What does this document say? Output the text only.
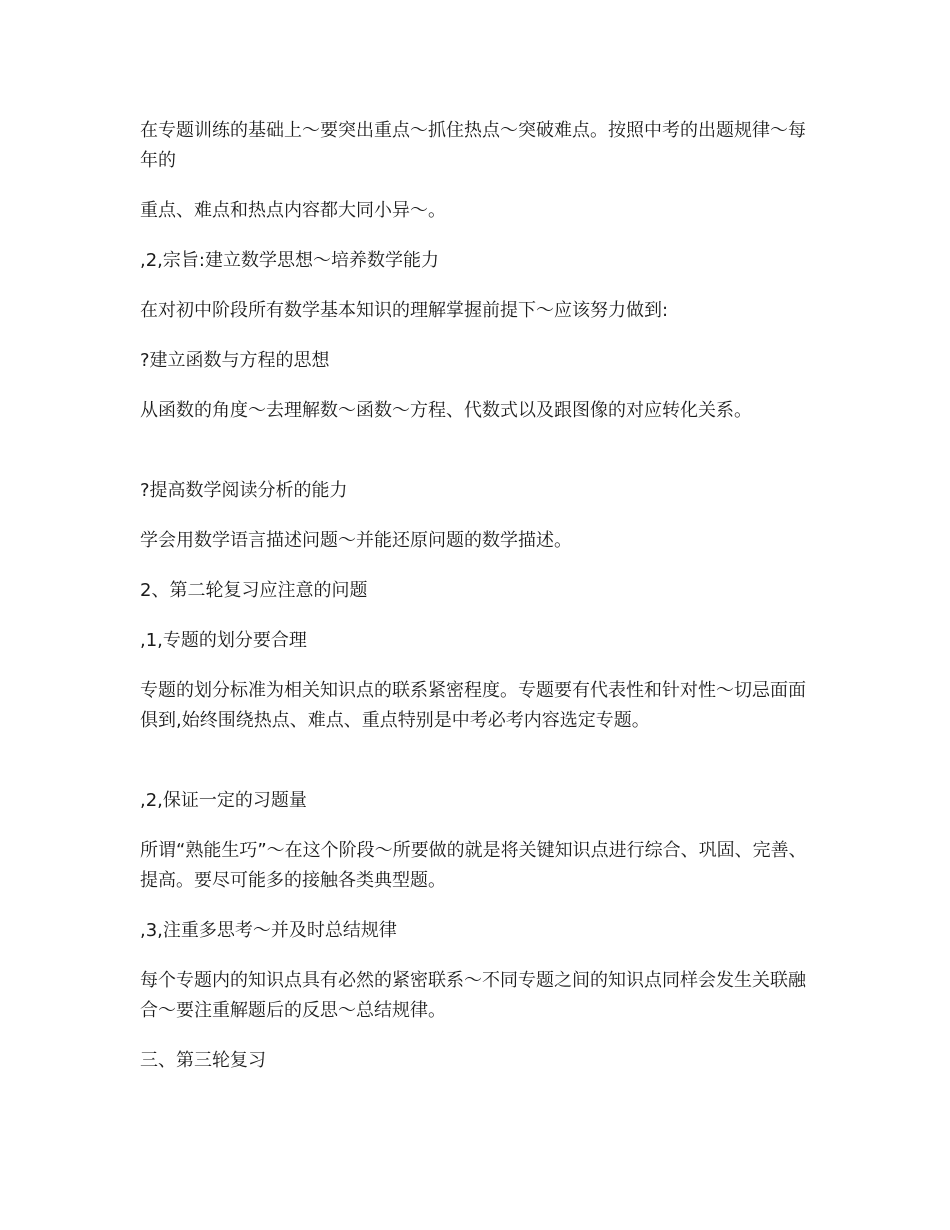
在专题训练的基础上～要突出重点～抓住热点～突破难点。按照中考的出题规律～每年的

重点、难点和热点内容都大同小异～。

,2,宗旨:建立数学思想～培养数学能力

在对初中阶段所有数学基本知识的理解掌握前提下～应该努力做到:

?建立函数与方程的思想

从函数的角度～去理解数～函数～方程、代数式以及跟图像的对应转化关系。

?提高数学阅读分析的能力

学会用数学语言描述问题～并能还原问题的数学描述。

2、第二轮复习应注意的问题

,1,专题的划分要合理

专题的划分标准为相关知识点的联系紧密程度。专题要有代表性和针对性～切忌面面俱到,始终围绕热点、难点、重点特别是中考必考内容选定专题。

,2,保证一定的习题量

所谓“熟能生巧”～在这个阶段～所要做的就是将关键知识点进行综合、巩固、完善、提高。要尽可能多的接触各类典型题。

,3,注重多思考～并及时总结规律

每个专题内的知识点具有必然的紧密联系～不同专题之间的知识点同样会发生关联融合～要注重解题后的反思～总结规律。

三、第三轮复习
